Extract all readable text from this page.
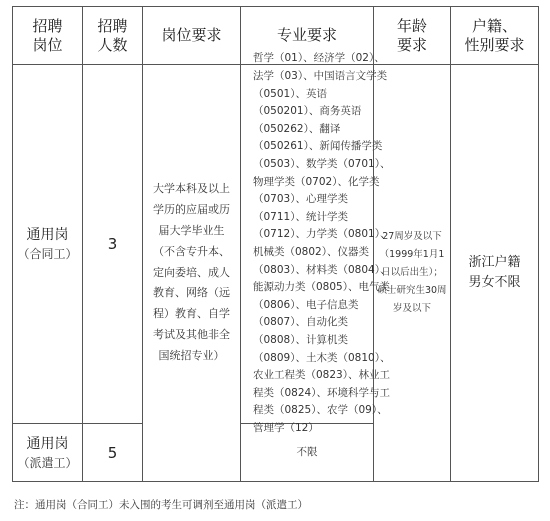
招聘
岗位
招聘
人数
岗位要求	专业要求
年龄
要求
户籍、
性别要求
通用岗
（合同工）
3
哲学（01）、经济学（02）、
法学（03）、中国语言文学类
（0501）、英语
（050201）、商务英语
（050262）、翻译
（050261）、新闻传播学类
（0503）、数学类（0701）、
物理学类（0702）、化学类
（0703）、心理学类
（0711）、统计学类
（0712）、力学类（0801）、
机械类（0802）、仪器类
（0803）、材料类（0804）、
能源动力类（0805）、电气类
（0806）、电子信息类
（0807）、自动化类
（0808）、计算机类
（0809）、土木类（0810）、
农业工程类（0823）、林业工
程类（0824）、环境科学与工
程类（0825）、农学（09）、
管理学（12）
大学本科及以上
学历的应届或历
届大学毕业生
（不含专升本、
定向委培、成人
教育、网络（远
程）教育、自学
考试及其他非全
国统招专业）
27周岁及以下
（1999年1月1
日以后出生）；
硕士研究生30周
岁及以下
浙江户籍
男女不限
通用岗
（派遣工）
5	不限
注：通用岗（合同工）未入围的考生可调剂至通用岗（派遣工）
